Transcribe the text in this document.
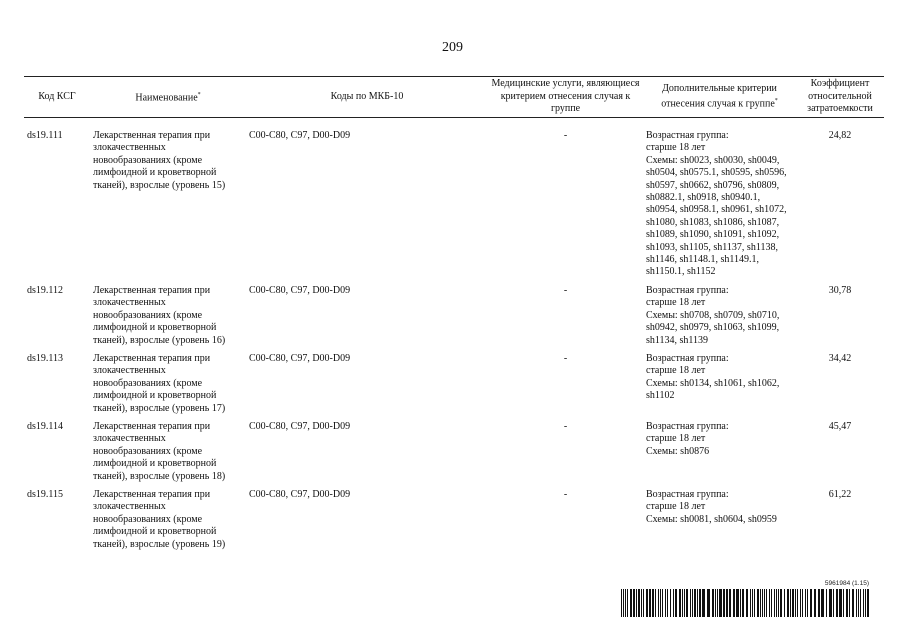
209
Код КСГ	Наименование*	Коды по МКБ-10	Медицинские услуги, являющиеся критерием отнесения случая к группе	Дополнительные критерии отнесения случая к группе*	Коэффициент относительной затратоемкости
ds19.111	Лекарственная терапия при злокачественных новообразованиях (кроме лимфоидной и кроветворной тканей), взрослые (уровень 15)	C00-C80, C97, D00-D09	-	Возрастная группа:
старше 18 лет
Схемы: sh0023, sh0030, sh0049, sh0504, sh0575.1, sh0595, sh0596, sh0597, sh0662, sh0796, sh0809, sh0882.1, sh0918, sh0940.1, sh0954, sh0958.1, sh0961, sh1072, sh1080, sh1083, sh1086, sh1087, sh1089, sh1090, sh1091, sh1092, sh1093, sh1105, sh1137, sh1138, sh1146, sh1148.1, sh1149.1, sh1150.1, sh1152	24,82
ds19.112	Лекарственная терапия при злокачественных новообразованиях (кроме лимфоидной и кроветворной тканей), взрослые (уровень 16)	C00-C80, C97, D00-D09	-	Возрастная группа:
старше 18 лет
Схемы: sh0708, sh0709, sh0710, sh0942, sh0979, sh1063, sh1099, sh1134, sh1139	30,78
ds19.113	Лекарственная терапия при злокачественных новообразованиях (кроме лимфоидной и кроветворной тканей), взрослые (уровень 17)	C00-C80, C97, D00-D09	-	Возрастная группа:
старше 18 лет
Схемы: sh0134, sh1061, sh1062, sh1102	34,42
ds19.114	Лекарственная терапия при злокачественных новообразованиях (кроме лимфоидной и кроветворной тканей), взрослые (уровень 18)	C00-C80, C97, D00-D09	-	Возрастная группа:
старше 18 лет
Схемы: sh0876	45,47
ds19.115	Лекарственная терапия при злокачественных новообразованиях (кроме лимфоидной и кроветворной тканей), взрослые (уровень 19)	C00-C80, C97, D00-D09	-	Возрастная группа:
старше 18 лет
Схемы: sh0081, sh0604, sh0959	61,22
5961984 (1.15)
